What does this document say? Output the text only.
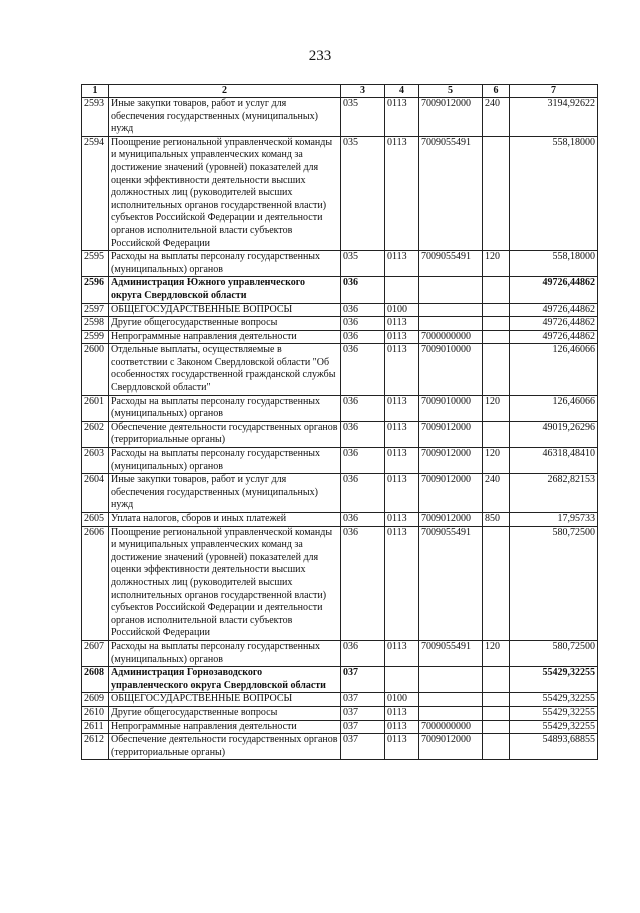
233
1	2	3	4	5	6	7
2593	Иные закупки товаров, работ и услуг для обеспечения государственных (муниципальных) нужд	035	0113	7009012000	240	3194,92622
2594	Поощрение региональной управленческой команды и муниципальных управленческих команд за достижение значений (уровней) показателей для оценки эффективности деятельности высших должностных лиц (руководителей высших исполнительных органов государственной власти) субъектов Российской Федерации и деятельности органов исполнительной власти субъектов Российской Федерации	035	0113	7009055491		558,18000
2595	Расходы на выплаты персоналу государственных (муниципальных) органов	035	0113	7009055491	120	558,18000
2596	Администрация Южного управленческого округа Свердловской области	036				49726,44862
2597	ОБЩЕГОСУДАРСТВЕННЫЕ ВОПРОСЫ	036	0100			49726,44862
2598	Другие общегосударственные вопросы	036	0113			49726,44862
2599	Непрограммные направления деятельности	036	0113	7000000000		49726,44862
2600	Отдельные выплаты, осуществляемые в соответствии с Законом Свердловской области "Об особенностях государственной гражданской службы Свердловской области"	036	0113	7009010000		126,46066
2601	Расходы на выплаты персоналу государственных (муниципальных) органов	036	0113	7009010000	120	126,46066
2602	Обеспечение деятельности государственных органов (территориальные органы)	036	0113	7009012000		49019,26296
2603	Расходы на выплаты персоналу государственных (муниципальных) органов	036	0113	7009012000	120	46318,48410
2604	Иные закупки товаров, работ и услуг для обеспечения государственных (муниципальных) нужд	036	0113	7009012000	240	2682,82153
2605	Уплата налогов, сборов и иных платежей	036	0113	7009012000	850	17,95733
2606	Поощрение региональной управленческой команды и муниципальных управленческих команд за достижение значений (уровней) показателей для оценки эффективности деятельности высших должностных лиц (руководителей высших исполнительных органов государственной власти) субъектов Российской Федерации и деятельности органов исполнительной власти субъектов Российской Федерации	036	0113	7009055491		580,72500
2607	Расходы на выплаты персоналу государственных (муниципальных) органов	036	0113	7009055491	120	580,72500
2608	Администрация Горнозаводского управленческого округа Свердловской области	037				55429,32255
2609	ОБЩЕГОСУДАРСТВЕННЫЕ ВОПРОСЫ	037	0100			55429,32255
2610	Другие общегосударственные вопросы	037	0113			55429,32255
2611	Непрограммные направления деятельности	037	0113	7000000000		55429,32255
2612	Обеспечение деятельности государственных органов (территориальные органы)	037	0113	7009012000		54893,68855
